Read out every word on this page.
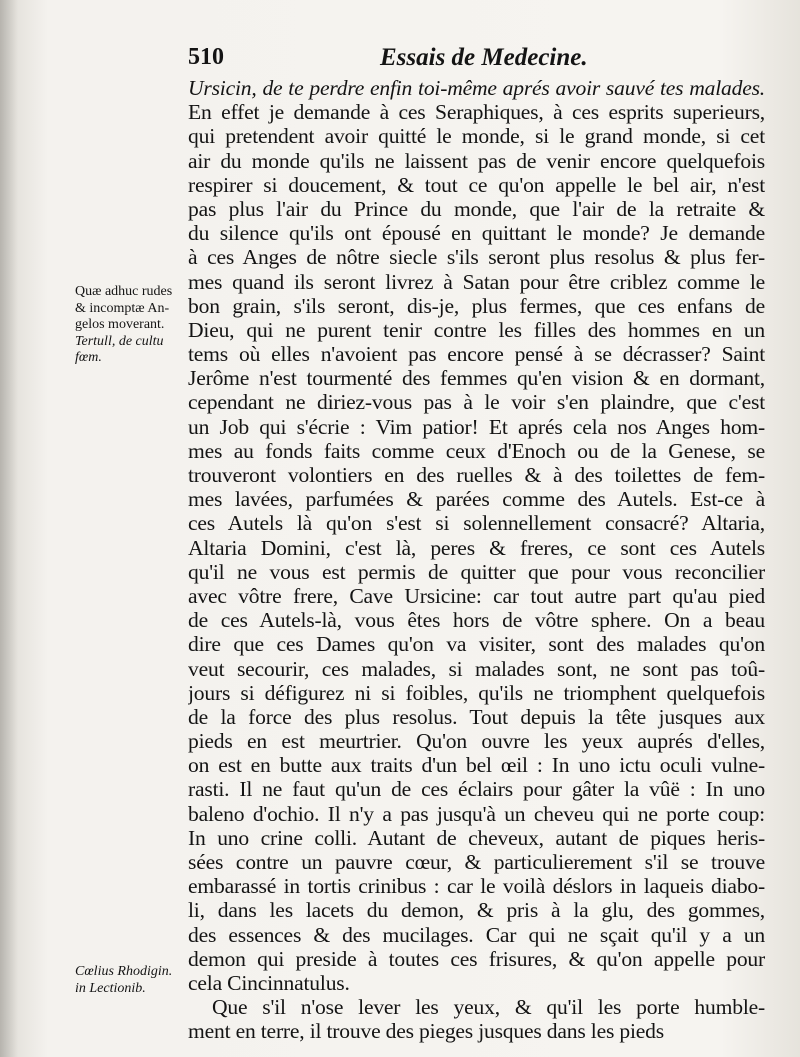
510	Essais de Medecine.
Quæ adhuc rudes
& incomptæ An-
gelos moverant.
Tertull, de cultu
fœm.
Cœlius Rhodigin.
in Lectionib.
Ursicin, de te perdre enfin toi-même aprés avoir sauvé tes malades.
En effet je demande à ces Seraphiques, à ces esprits superieurs,
qui pretendent avoir quitté le monde, si le grand monde, si cet
air du monde qu'ils ne laissent pas de venir encore quelquefois
respirer si doucement, & tout ce qu'on appelle le bel air, n'est
pas plus l'air du Prince du monde, que l'air de la retraite &
du silence qu'ils ont épousé en quittant le monde? Je demande
à ces Anges de nôtre siecle s'ils seront plus resolus & plus fer-
mes quand ils seront livrez à Satan pour être criblez comme le
bon grain, s'ils seront, dis-je, plus fermes, que ces enfans de
Dieu, qui ne purent tenir contre les filles des hommes en un
tems où elles n'avoient pas encore pensé à se décrasser? Saint
Jerôme n'est tourmenté des femmes qu'en vision & en dormant,
cependant ne diriez-vous pas à le voir s'en plaindre, que c'est
un Job qui s'écrie : Vim patior! Et aprés cela nos Anges hom-
mes au fonds faits comme ceux d'Enoch ou de la Genese, se
trouveront volontiers en des ruelles & à des toilettes de fem-
mes lavées, parfumées & parées comme des Autels. Est-ce à
ces Autels là qu'on s'est si solennellement consacré? Altaria,
Altaria Domini, c'est là, peres & freres, ce sont ces Autels
qu'il ne vous est permis de quitter que pour vous reconcilier
avec vôtre frere, Cave Ursicine: car tout autre part qu'au pied
de ces Autels-là, vous êtes hors de vôtre sphere. On a beau
dire que ces Dames qu'on va visiter, sont des malades qu'on
veut secourir, ces malades, si malades sont, ne sont pas toû-
jours si défigurez ni si foibles, qu'ils ne triomphent quelquefois
de la force des plus resolus. Tout depuis la tête jusques aux
pieds en est meurtrier. Qu'on ouvre les yeux auprés d'elles,
on est en butte aux traits d'un bel œil : In uno ictu oculi vulne-
rasti. Il ne faut qu'un de ces éclairs pour gâter la vûë : In uno
baleno d'ochio. Il n'y a pas jusqu'à un cheveu qui ne porte coup:
In uno crine colli. Autant de cheveux, autant de piques heris-
sées contre un pauvre cœur, & particulierement s'il se trouve
embarassé in tortis crinibus : car le voilà déslors in laqueis diabo-
li, dans les lacets du demon, & pris à la glu, des gommes,
des essences & des mucilages. Car qui ne sçait qu'il y a un
demon qui preside à toutes ces frisures, & qu'on appelle pour
cela Cincinnatulus.
Que s'il n'ose lever les yeux, & qu'il les porte humble-
ment en terre, il trouve des pieges jusques dans les pieds
